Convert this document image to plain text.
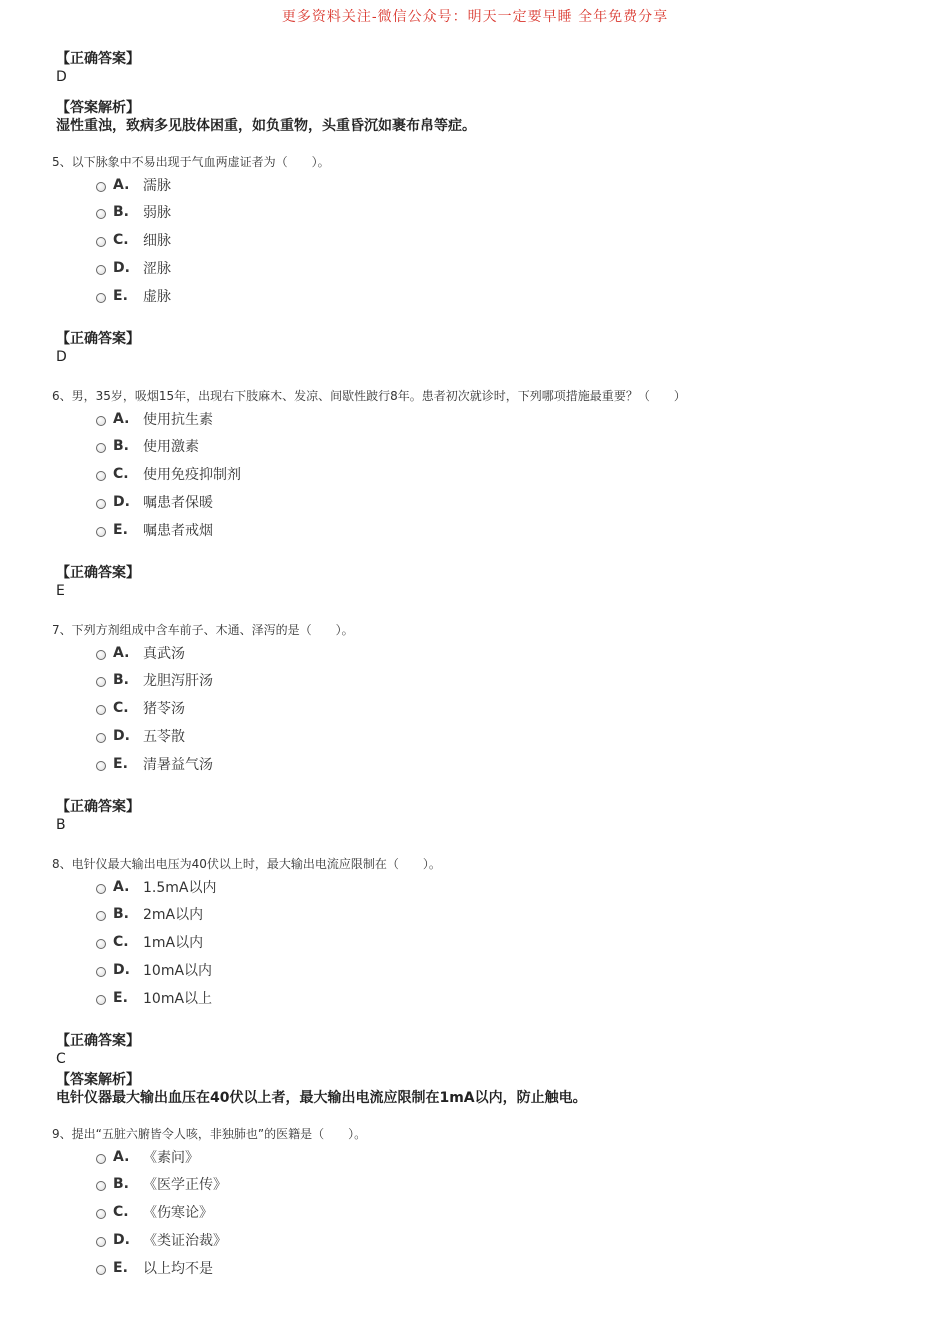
更多资料关注-微信公众号：明天一定要早睡 全年免费分享
【正确答案】
D
【答案解析】
湿性重浊，致病多见肢体困重，如负重物，头重昏沉如裹布帛等症。
5、以下脉象中不易出现于气血两虚证者为（　　）。
A. 濡脉
B.	弱脉
C.	细脉
D. 涩脉
E.	虚脉
【正确答案】
D
6、男，35岁，吸烟15年，出现右下肢麻木、发凉、间歇性跛行8年。患者初次就诊时，下列哪项措施最重要？（　　）
A. 使用抗生素
B.	使用激素
C.	使用免疫抑制剂
D. 嘱患者保暖
E.	嘱患者戒烟
【正确答案】
E
7、下列方剂组成中含车前子、木通、泽泻的是（　　）。
A. 真武汤
B.	龙胆泻肝汤
C.	猪苓汤
D. 五苓散
E.	清暑益气汤
【正确答案】
B
8、电针仪最大输出电压为40伏以上时，最大输出电流应限制在（　　）。
A. 1.5mA以内
B.	2mA以内
C.	1mA以内
D. 10mA以内
E.	10mA以上
【正确答案】
C
【答案解析】
电针仪器最大输出血压在40伏以上者，最大输出电流应限制在1mA以内，防止触电。
9、提出“五脏六腑皆令人咳，非独肺也”的医籍是（　　）。
A. 《素问》
B.	《医学正传》
C.	《伤寒论》
D. 《类证治裁》
E.	以上均不是
